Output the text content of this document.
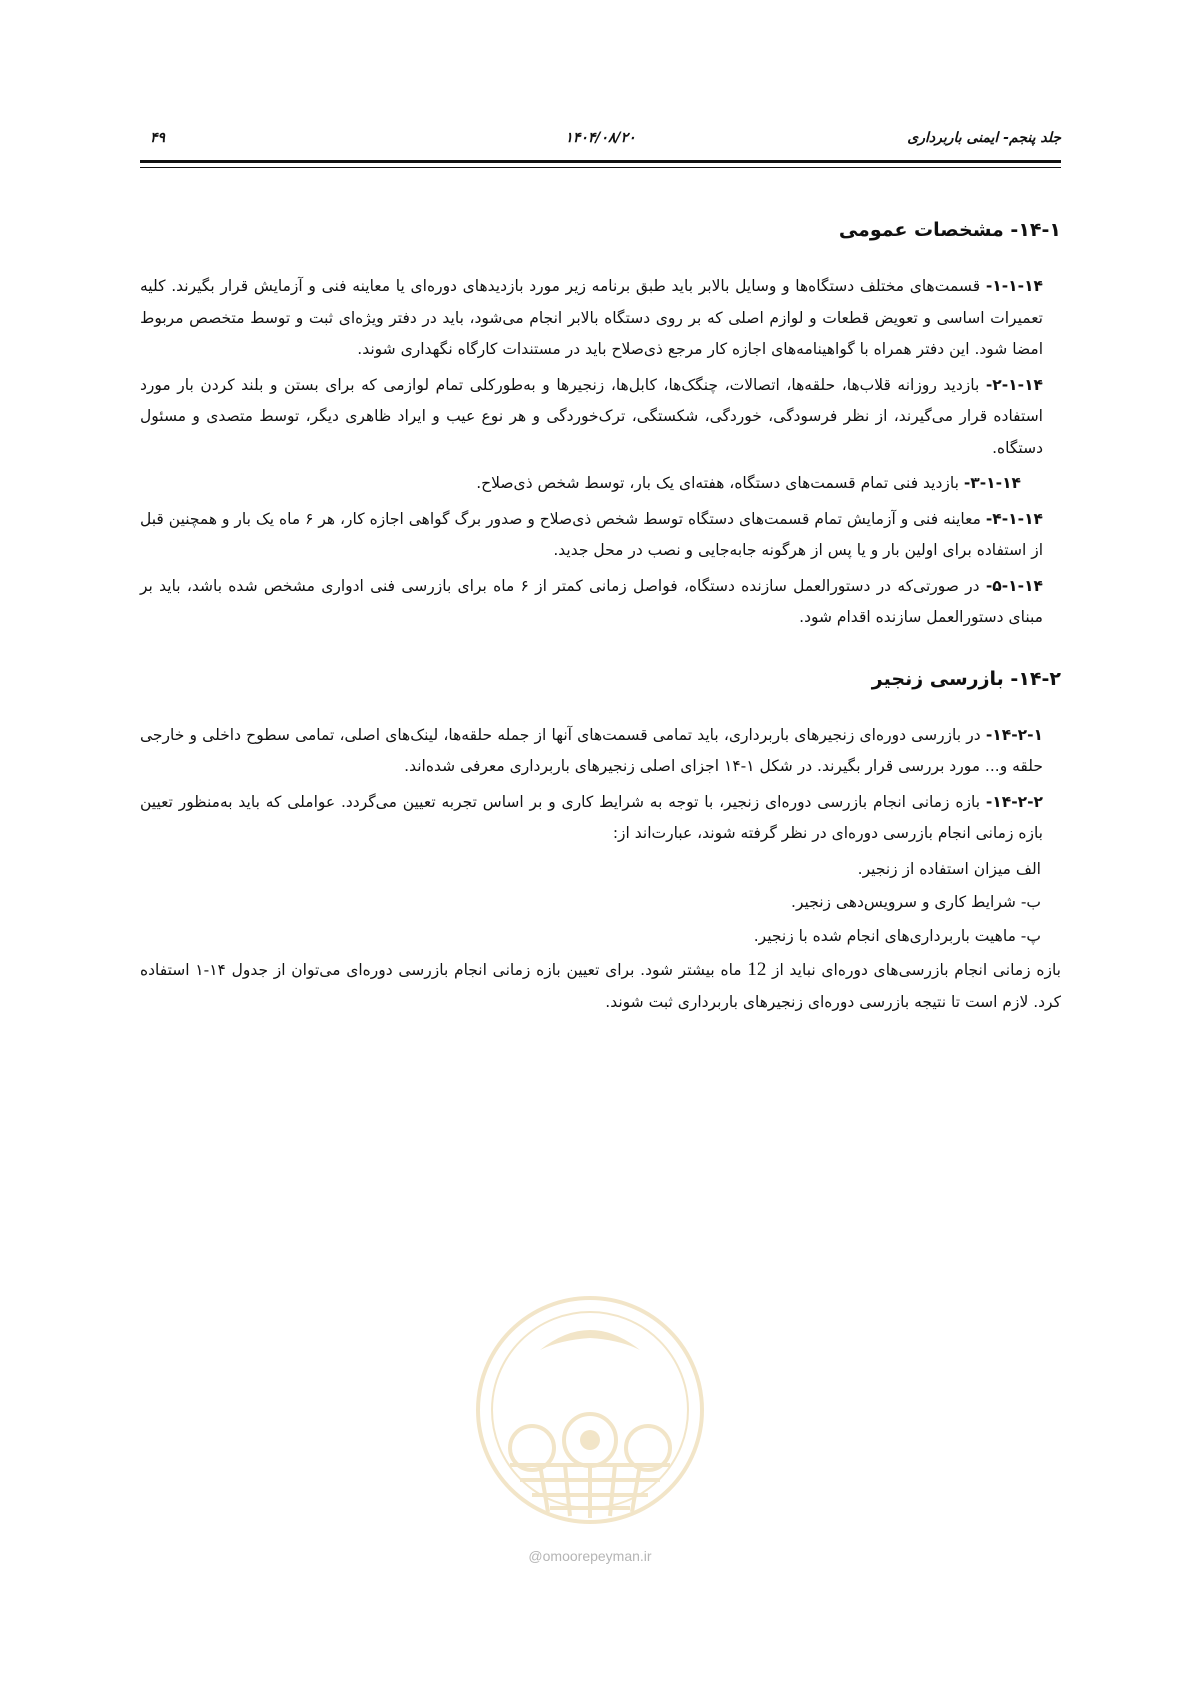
جلد پنجم- ایمنی باربرداری
۱۴۰۴/۰۸/۲۰
۴۹
۱۴-۱- مشخصات عمومی

۱-۱-۱۴- قسمت‌های مختلف دستگاه‌ها و وسایل بالابر باید طبق برنامه زیر مورد بازدیدهای دوره‌ای یا معاینه فنی و آزمایش قرار بگیرند. کلیه تعمیرات اساسی و تعویض قطعات و لوازم اصلی که بر روی دستگاه بالابر انجام می‌شود، باید در دفتر ویژه‌ای ثبت و توسط متخصص مربوط امضا شود. این دفتر همراه با گواهینامه‌های اجازه کار مرجع ذی‌صلاح باید در مستندات کارگاه نگهداری شوند.

۲-۱-۱۴- بازدید روزانه قلاب‌ها، حلقه‌ها، اتصالات، چنگک‌ها، کابل‌ها، زنجیرها و به‌طورکلی تمام لوازمی که برای بستن و بلند کردن بار مورد استفاده قرار می‌گیرند، از نظر فرسودگی، خوردگی، شکستگی، ترک‌خوردگی و هر نوع عیب و ایراد ظاهری دیگر، توسط متصدی و مسئول دستگاه.

۳-۱-۱۴- بازدید فنی تمام قسمت‌های دستگاه، هفته‌ای یک بار، توسط شخص ذی‌صلاح.

۴-۱-۱۴- معاینه فنی و آزمایش تمام قسمت‌های دستگاه توسط شخص ذی‌صلاح و صدور برگ گواهی اجازه کار، هر ۶ ماه یک بار و همچنین قبل از استفاده برای اولین بار و یا پس از هرگونه جابه‌جایی و نصب در محل جدید.

۵-۱-۱۴- در صورتی‌که در دستورالعمل سازنده دستگاه، فواصل زمانی کمتر از ۶ ماه برای بازرسی فنی ادواری مشخص شده باشد، باید بر مبنای دستورالعمل سازنده اقدام شود.

۱۴-۲- بازرسی زنجیر

۱۴-۲-۱- در بازرسی دوره‌ای زنجیرهای باربرداری، باید تمامی قسمت‌های آنها از جمله حلقه‌ها، لینک‌های اصلی، تمامی سطوح داخلی و خارجی حلقه و... مورد بررسی قرار بگیرند. در شکل ۱-۱۴ اجزای اصلی زنجیرهای باربرداری معرفی شده‌اند.

۱۴-۲-۲- بازه زمانی انجام بازرسی دوره‌ای زنجیر، با توجه به شرایط کاری و بر اساس تجربه تعیین می‌گردد. عواملی که باید به‌منظور تعیین بازه زمانی انجام بازرسی دوره‌ای در نظر گرفته شوند، عبارت‌اند از:

الف میزان استفاده از زنجیر.
ب- شرایط کاری و سرویس‌دهی زنجیر.
پ- ماهیت باربرداری‌های انجام شده با زنجیر.

بازه زمانی انجام بازرسی‌های دوره‌ای نباید از 12 ماه بیشتر شود. برای تعیین بازه زمانی انجام بازرسی دوره‌ای می‌توان از جدول ۱۴-۱ استفاده کرد. لازم است تا نتیجه بازرسی دوره‌ای زنجیرهای باربرداری ثبت شوند.

@omoorepeyman.ir
